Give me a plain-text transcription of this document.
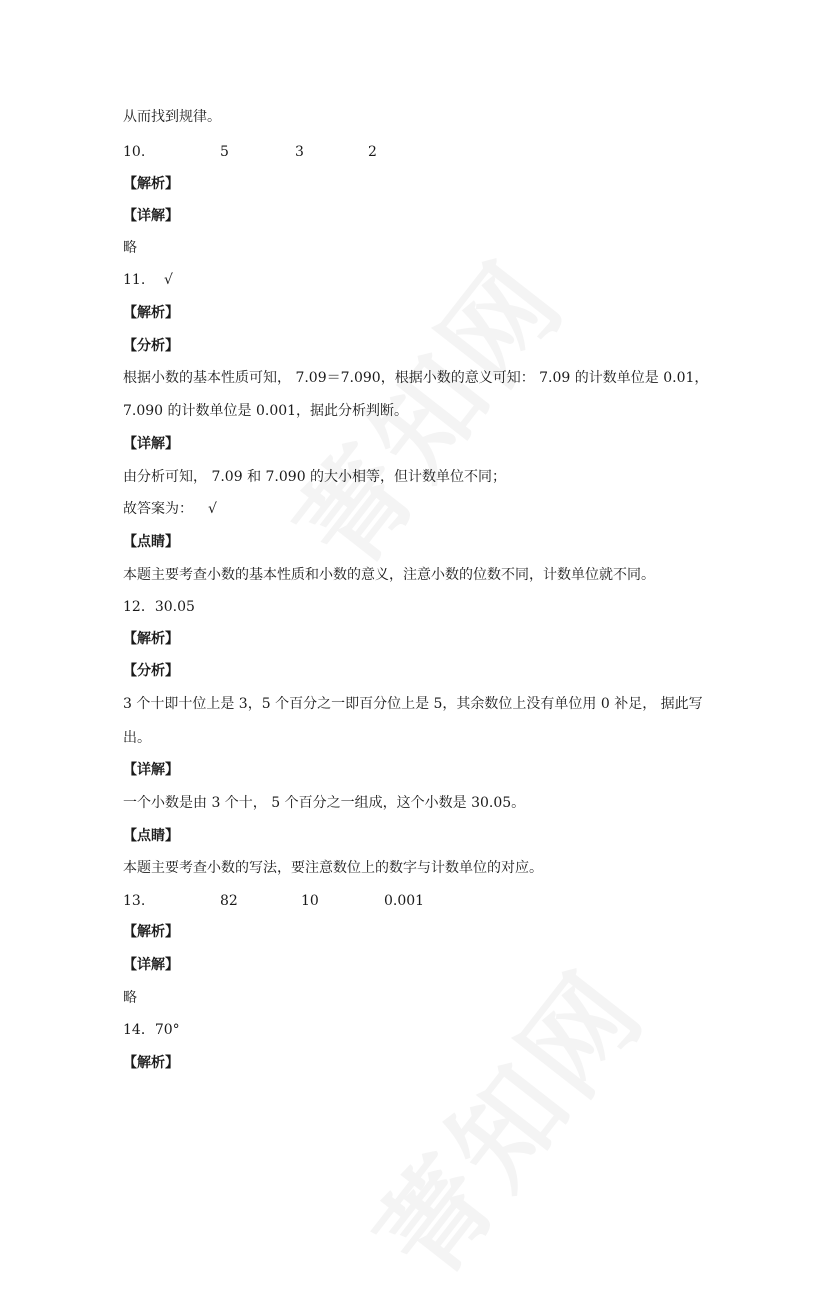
从而找到规律。
10.	5	3	2
【解析】
【详解】
略
11. √
【解析】
【分析】
根据小数的基本性质可知， 7.09＝7.090，根据小数的意义可知： 7.09 的计数单位是 0.01，
7.090 的计数单位是 0.001，据此分析判断。
【详解】
由分析可知， 7.09 和 7.090 的大小相等，但计数单位不同；
故答案为： √
【点睛】
本题主要考查小数的基本性质和小数的意义，注意小数的位数不同，计数单位就不同。
12．30.05
【解析】
【分析】
3 个十即十位上是 3，5 个百分之一即百分位上是 5，其余数位上没有单位用 0 补足， 据此写
出。
【详解】
一个小数是由 3 个十， 5 个百分之一组成，这个小数是 30.05。
【点睛】
本题主要考查小数的写法，要注意数位上的数字与计数单位的对应。
13.	82	10	0.001
【解析】
【详解】
略
14．70°
【解析】
